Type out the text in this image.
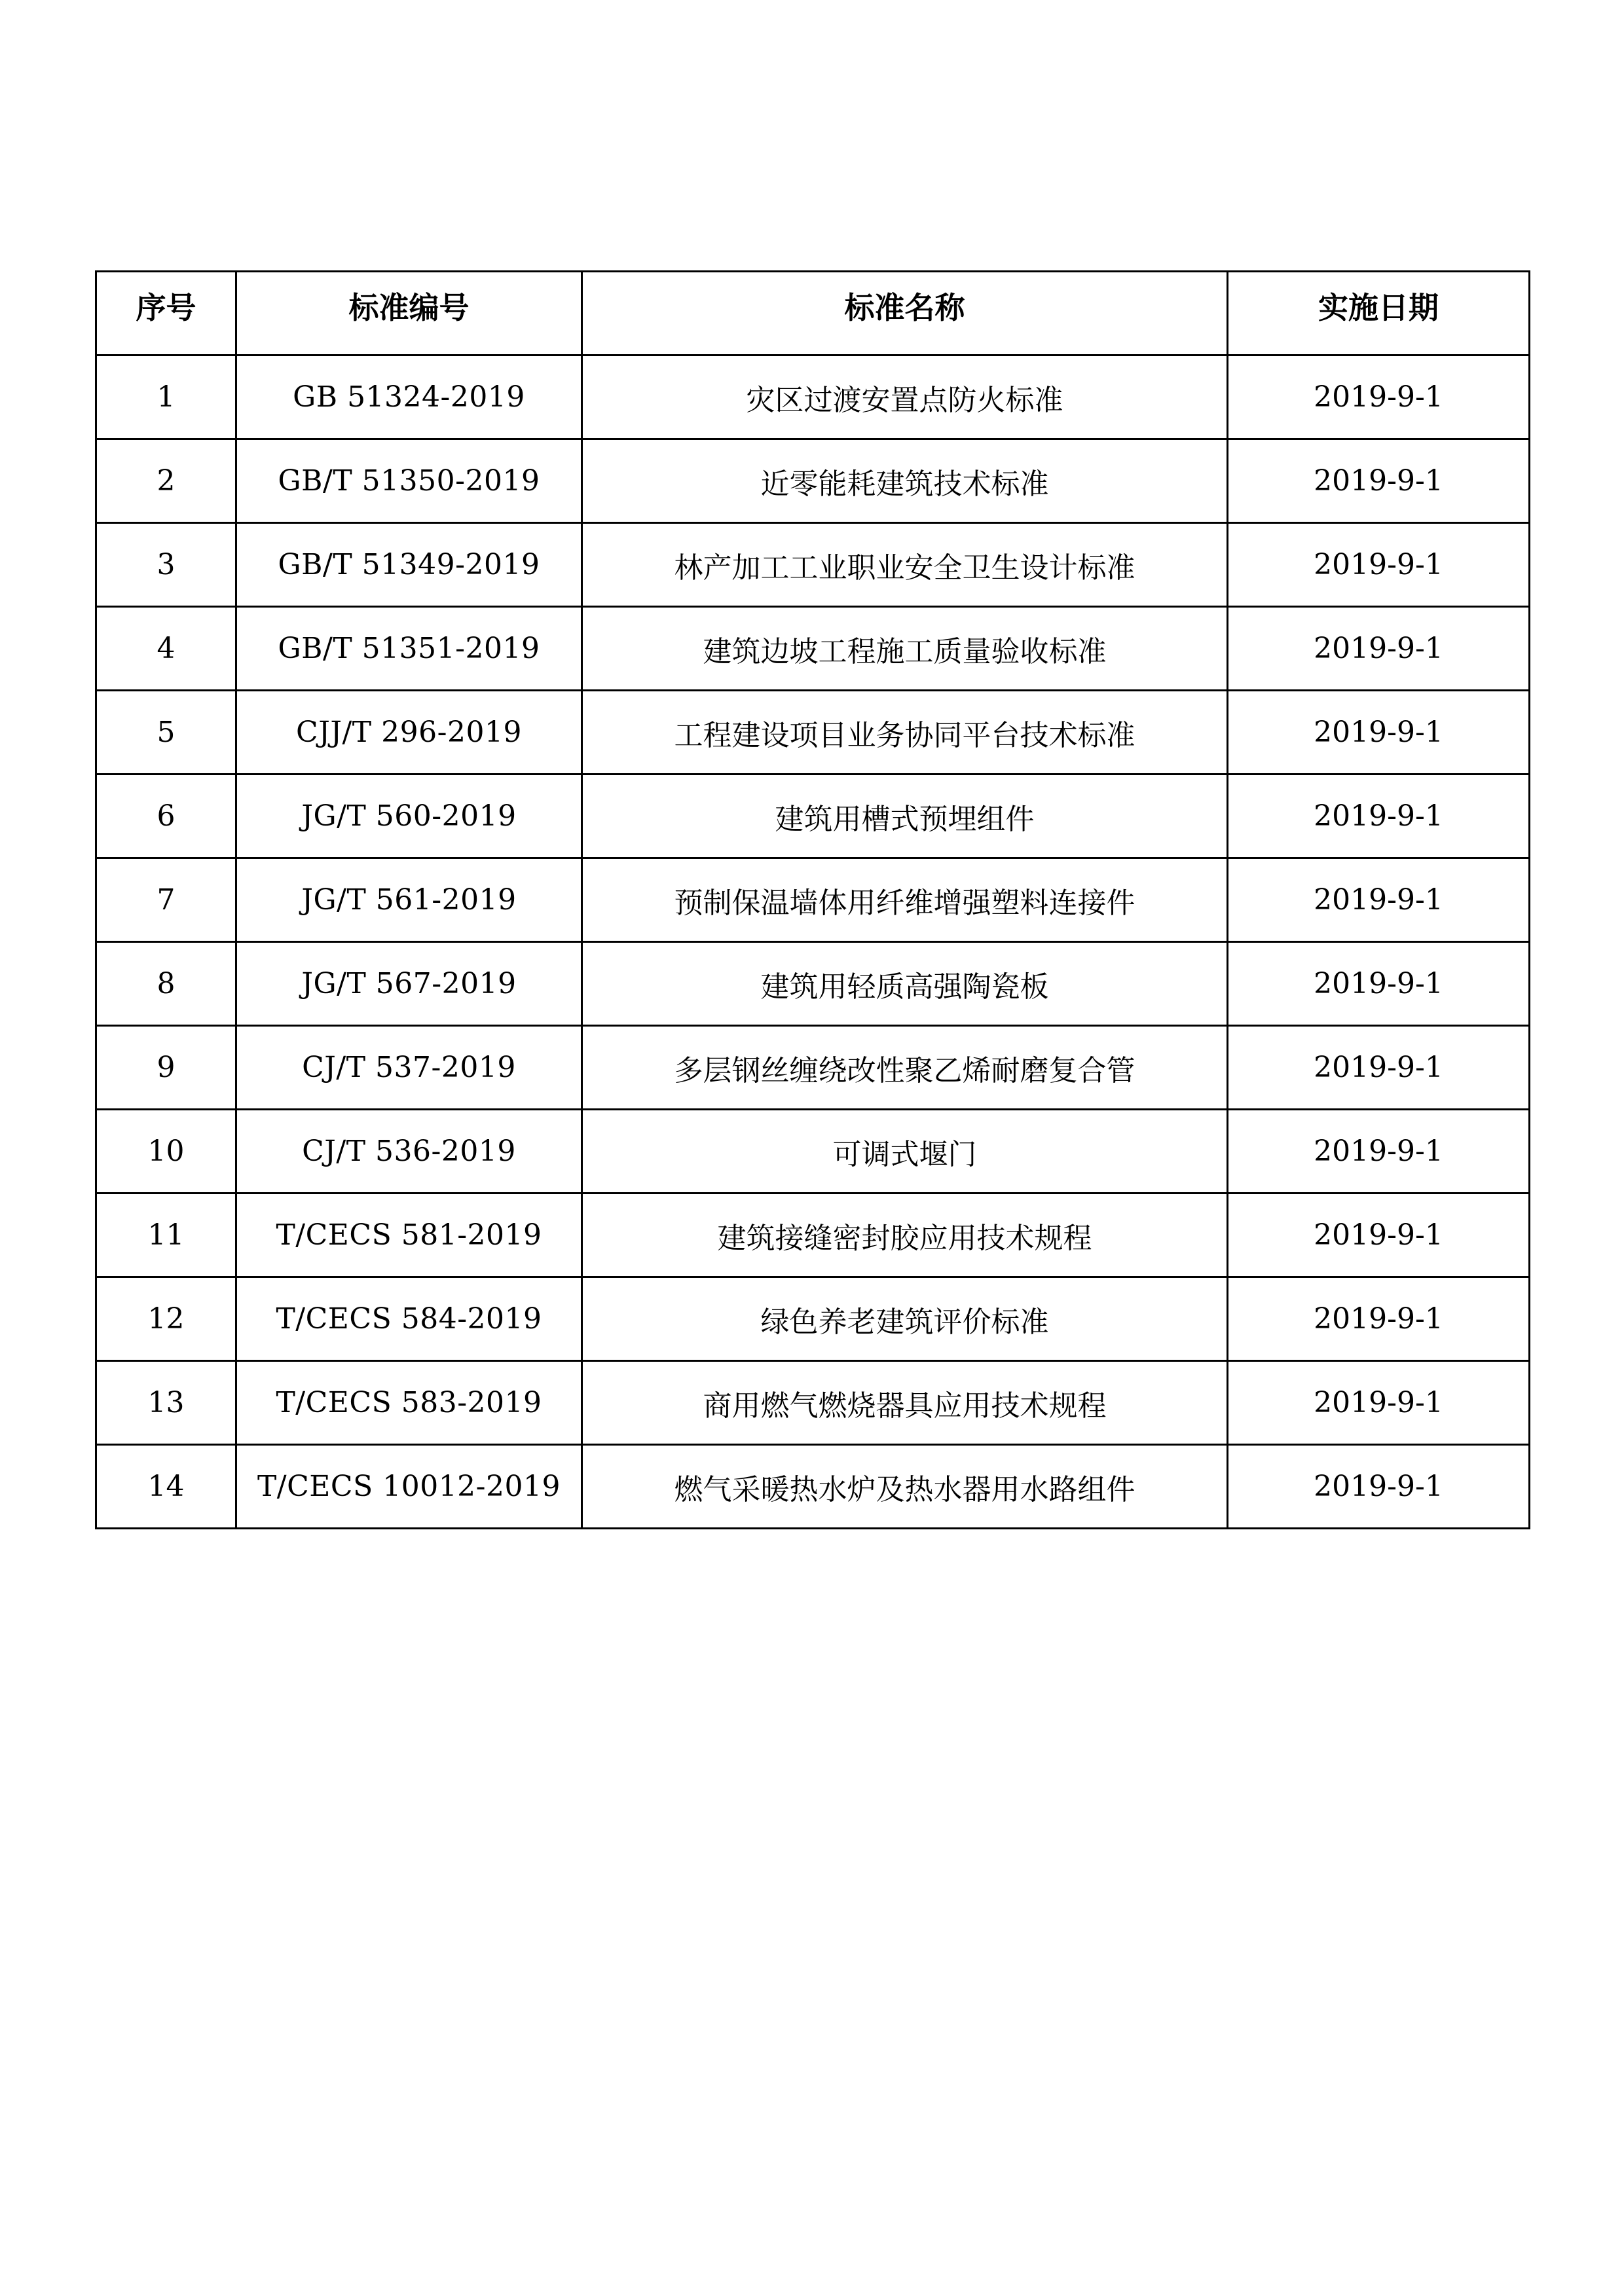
序号	标准编号	标准名称	实施日期
1	GB 51324-2019	灾区过渡安置点防火标准	2019-9-1
2	GB/T 51350-2019	近零能耗建筑技术标准	2019-9-1
3	GB/T 51349-2019	林产加工工业职业安全卫生设计标准	2019-9-1
4	GB/T 51351-2019	建筑边坡工程施工质量验收标准	2019-9-1
5	CJJ/T 296-2019	工程建设项目业务协同平台技术标准	2019-9-1
6	JG/T 560-2019	建筑用槽式预埋组件	2019-9-1
7	JG/T 561-2019	预制保温墙体用纤维增强塑料连接件	2019-9-1
8	JG/T 567-2019	建筑用轻质高强陶瓷板	2019-9-1
9	CJ/T 537-2019	多层钢丝缠绕改性聚乙烯耐磨复合管	2019-9-1
10	CJ/T 536-2019	可调式堰门	2019-9-1
11	T/CECS 581-2019	建筑接缝密封胶应用技术规程	2019-9-1
12	T/CECS 584-2019	绿色养老建筑评价标准	2019-9-1
13	T/CECS 583-2019	商用燃气燃烧器具应用技术规程	2019-9-1
14	T/CECS 10012-2019	燃气采暖热水炉及热水器用水路组件	2019-9-1
